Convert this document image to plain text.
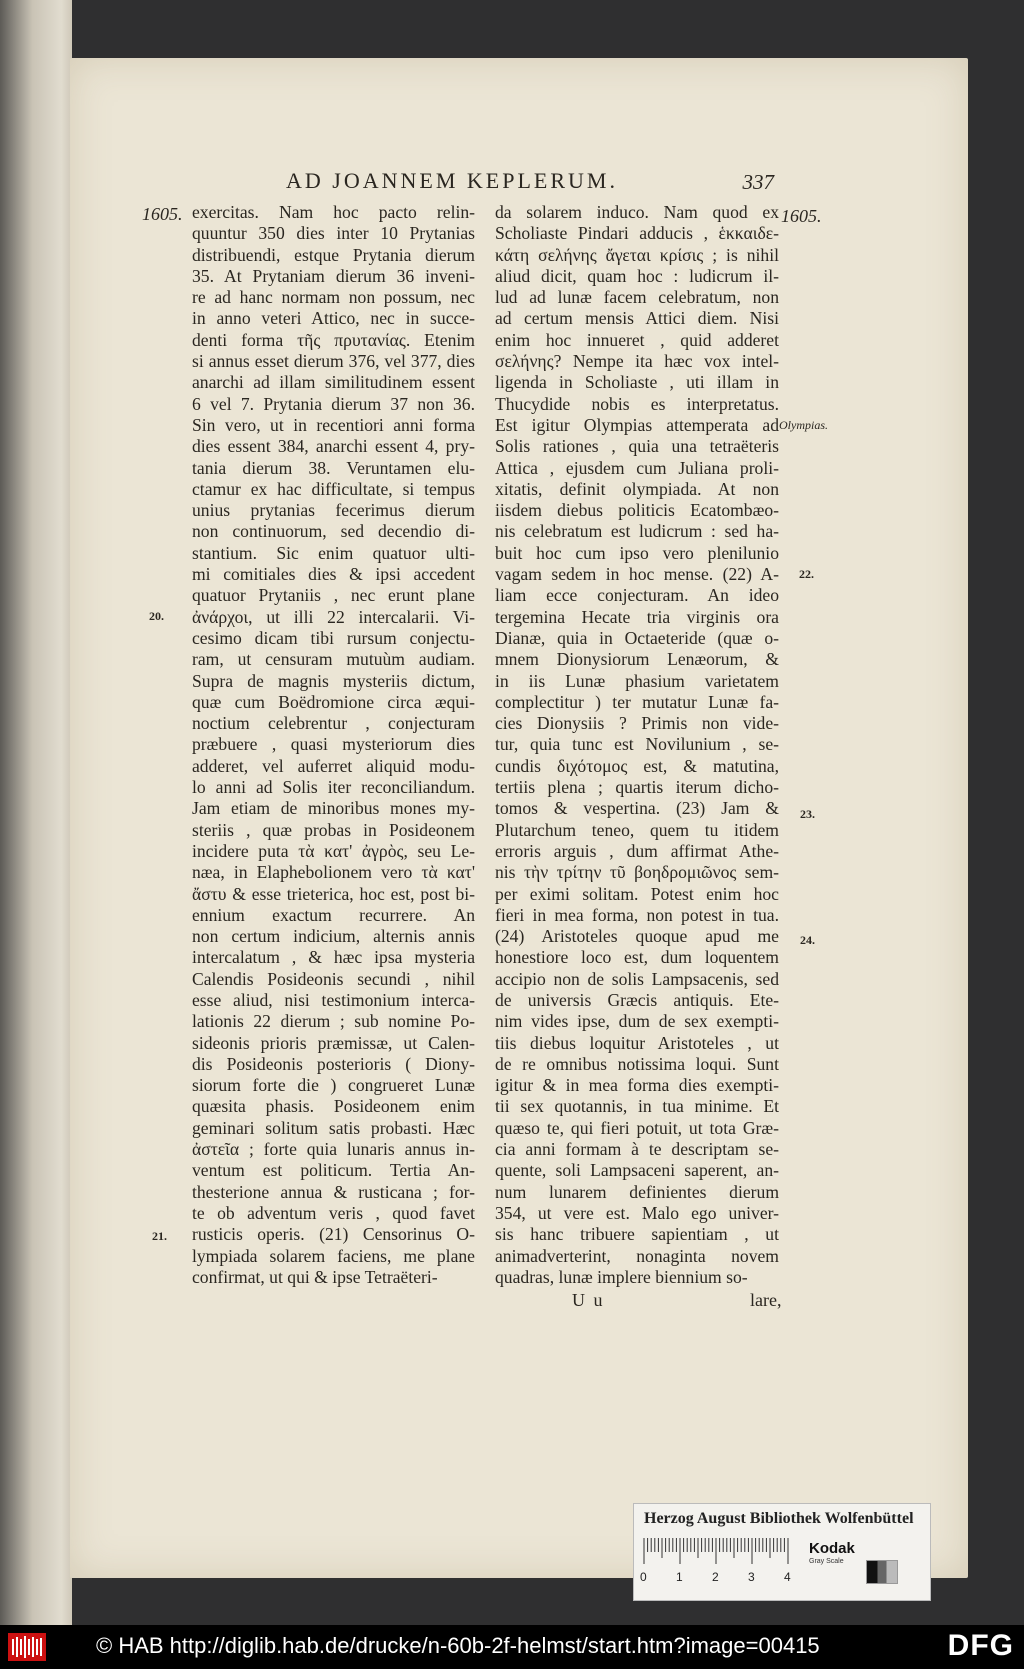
AD JOANNEM KEPLERUM.	337
1605.	1605.

exercitas. Nam hoc pacto relin-

quuntur 350 dies inter 10 Prytanias

distribuendi, estque Prytania dierum

35. At Prytaniam dierum 36 inveni-

re ad hanc normam non possum, nec

in anno veteri Attico, nec in succe-

denti forma τῆς πρυτανίας. Etenim

si annus esset dierum 376, vel 377, dies

anarchi ad illam similitudinem essent

6 vel 7. Prytania dierum 37 non 36.

Sin vero, ut in recentiori anni forma

dies essent 384, anarchi essent 4, pry-

tania dierum 38. Veruntamen elu-

ctamur ex hac difficultate, si tempus

unius prytanias fecerimus dierum

non continuorum, sed decendio di-

stantium. Sic enim quatuor ulti-

mi comitiales dies & ipsi accedent

quatuor Prytaniis , nec erunt plane

ἀνάρχοι, ut illi 22 intercalarii. Vi-

cesimo dicam tibi rursum conjectu-

ram, ut censuram mutuùm audiam.

Supra de magnis mysteriis dictum,

quæ cum Boëdromione circa æqui-

noctium celebrentur , conjecturam

præbuere , quasi mysteriorum dies

adderet, vel auferret aliquid modu-

lo anni ad Solis iter reconciliandum.

Jam etiam de minoribus mones my-

steriis , quæ probas in Posideonem

incidere puta τὰ κατ' ἀγρὸς, seu Le-

næa, in Elaphebolionem vero τὰ κατ'

ἄστυ & esse trieterica, hoc est, post bi-

ennium exactum recurrere. An

non certum indicium, alternis annis

intercalatum , & hæc ipsa mysteria

Calendis Posideonis secundi , nihil

esse aliud, nisi testimonium interca-

lationis 22 dierum ; sub nomine Po-

sideonis prioris præmissæ, ut Calen-

dis Posideonis posterioris ( Diony-

siorum forte die ) congrueret Lunæ

quæsita phasis. Posideonem enim

geminari solitum satis probasti. Hæc

ἀστεῖα ; forte quia lunaris annus in-

ventum est politicum. Tertia An-

thesterione annua & rusticana ; for-

te ob adventum veris , quod favet

rusticis operis. (21) Censorinus O-

lympiada solarem faciens, me plane

confirmat, ut qui & ipse Tetraëteri-

da solarem induco. Nam quod ex

Scholiaste Pindari adducis , ἑκκαιδε-

κάτη σελήνης ἄγεται κρίσις ; is nihil

aliud dicit, quam hoc : ludicrum il-

lud ad lunæ facem celebratum, non

ad certum mensis Attici diem. Nisi

enim hoc innueret , quid adderet

σελήνης? Nempe ita hæc vox intel-

ligenda in Scholiaste , uti illam in

Thucydide nobis es interpretatus.

Est igitur Olympias attemperata ad

Solis rationes , quia una tetraëteris

Attica , ejusdem cum Juliana proli-

xitatis, definit olympiada. At non

iisdem diebus politicis Ecatombæo-

nis celebratum est ludicrum : sed ha-

buit hoc cum ipso vero plenilunio

vagam sedem in hoc mense. (22) A-

liam ecce conjecturam. An ideo

tergemina Hecate tria virginis ora

Dianæ, quia in Octaeteride (quæ o-

mnem Dionysiorum Lenæorum, &

in iis Lunæ phasium varietatem

complectitur ) ter mutatur Lunæ fa-

cies Dionysiis ? Primis non vide-

tur, quia tunc est Novilunium , se-

cundis διχότομος est, & matutina,

tertiis plena ; quartis iterum dicho-

tomos & vespertina. (23) Jam &

Plutarchum teneo, quem tu itidem

erroris arguis , dum affirmat Athe-

nis τὴν τρίτην τῦ βοηδρομιῶνος sem-

per eximi solitam. Potest enim hoc

fieri in mea forma, non potest in tua.

(24) Aristoteles quoque apud me

honestiore loco est, dum loquentem

accipio non de solis Lampsacenis, sed

de universis Græcis antiquis. Ete-

nim vides ipse, dum de sex exempti-

tiis diebus loquitur Aristoteles , ut

de re omnibus notissima loqui. Sunt

igitur & in mea forma dies exempti-

tii sex quotannis, in tua minime. Et

quæso te, qui fieri potuit, ut tota Græ-

cia anni formam à te descriptam se-

quente, soli Lampsaceni saperent, an-

num lunarem definientes dierum

354, ut vere est. Malo ego univer-

sis hanc tribuere sapientiam , ut

animadverterint, nonaginta novem

quadras, lunæ implere biennium so-

20.
21.
Olympias.
22.
23.
24.
U u	lare,
Herzog August Bibliothek Wolfenbüttel
0 1 2 3 4
Kodak
Gray Scale
© HAB http://diglib.hab.de/drucke/n-60b-2f-helmst/start.htm?image=00415	DFG
